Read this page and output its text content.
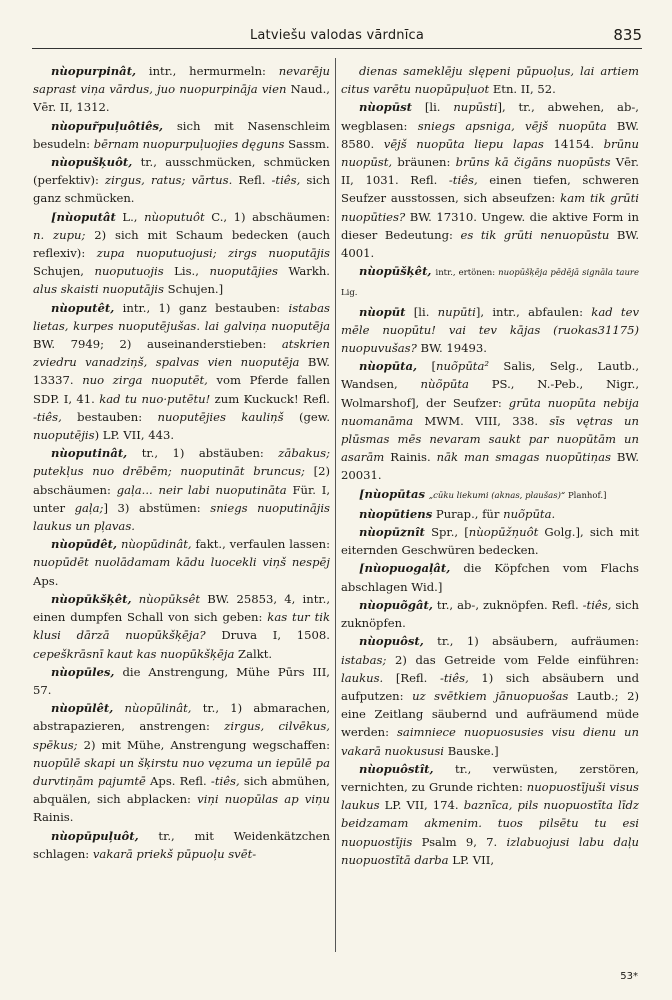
Latviešu valodas vārdnīca	835

nùopurpinât, intr., hermurmeln: nevarēju saprast viņa vārdus, juo nuopurpināja vien Naud., Vēr. II, 1312.

nùopur̃puļuôtiês, sich mit Nasenschleim besudeln: bērnam nuopurpuļuojies dęguns Sassm.

nùopušķuôt, tr., ausschmücken, schmücken (perfektiv): zirgus, ratus; vārtus. Refl. -tiês, sich ganz schmücken.

[nùoputât L., nùoputuôt C., 1) abschäumen: n. zupu; 2) sich mit Schaum bedecken (auch reflexiv): zupa nuoputuojusi; zirgs nuoputājis Schujen, nuoputuojis Lis., nuoputājies Warkh. alus skaisti nuoputājis Schujen.]

nùoputêt, intr., 1) ganz bestauben: istabas lietas, kurpes nuoputējušas. lai galviņa nuoputēja BW. 7949; 2) auseinanderstieben: atskrien zviedru vanadziņš, spalvas vien nuoputēja BW. 13337. nuo zirga nuoputēt, vom Pferde fallen SDP. I, 41. kad tu nuo·putētu! zum Kuckuck! Refl. -tiês, bestauben: nuoputējies kauliņš (gew. nuoputējis) LP. VII, 443.

nùoputinât, tr., 1) abstäuben: zābakus; putekļus nuo drēbēm; nuoputināt bruncus; [2) abschäumen: gaļa... neir labi nuoputināta Für. I, unter gaļa;] 3) abstümen: sniegs nuoputinājis laukus un pļavas.

nùopūdêt, nùopūdinât, fakt., verfaulen lassen: nuopūdēt nuolādamam kādu luocekli viņš nespēj Aps.

nùopūkšķêt, nùopūksêt BW. 25853, 4, intr., einen dumpfen Schall von sich geben: kas tur tik klusi dārzā nuopūkšķēja? Druva I, 1508. cepeškrāsnī kaut kas nuopūkšķēja Zalkt.

nùopūles, die Anstrengung, Mühe Pūrs III, 57.

nùopūlêt, nùopūlinât, tr., 1) abmarachen, abstrapazieren, anstrengen: zirgus, cilvēkus, spēkus; 2) mit Mühe, Anstrengung wegschaffen: nuopūlē skapi un šķirstu nuo vęzuma un iepūlē pa durvtiņām pajumtē Aps. Refl. -tiês, sich abmühen, abquälen, sich abplacken: viņi nuopūlas ap viņu Rainis.

nùopūpuļuôt, tr., mit Weidenkätzchen schlagen: vakarā priekš pūpuoļu svēt-

dienas sameklēju slępeni pūpuoļus, lai artiem citus varētu nuopūpuļuot Etn. II, 52.

nùopūst [li. nupūsti], tr., abwehen, ab-, wegblasen: sniegs apsniga, vējš nuopūta BW. 8580. vējš nuopūta liepu lapas 14154. brūnu nuopūst, bräunen: brūns kā čigāns nuopūsts Vēr. II, 1031. Refl. -tiês, einen tiefen, schweren Seufzer ausstossen, sich abseufzen: kam tik grūti nuopūties? BW. 17310. Ungew. die aktive Form in dieser Bedeutung: es tik grūti nenuopūstu BW. 4001.

nùopūšķêt, intr., ertönen: nuopūšķēja pēdējā signāla taure Lig.

nùopūt [li. nupūti], intr., abfaulen: kad tev mēle nuopūtu! vai tev kājas (ruokas31175) nuopuvušas? BW. 19493.

nùopūta, [nuõpūta² Salis, Selg., Lautb., Wandsen, nùõpūta PS., N.-Peb., Nigr., Wolmarshof], der Seufzer: grūta nuopūta nebija nuomanāma MWM. VIII, 338. sīs vętras un plūsmas mēs nevaram saukt par nuopūtām un asarām Rainis. nāk man smagas nuopūtiņas BW. 20031.

[nùopūtas „cūku liekumi (aknas, plaušas)“ Planhof.]

nùopūtiens Purap., für nuõpūta.

nùopūznît Spr., [nùopūžņuôt Golg.], sich mit eiternden Geschwüren bedecken.

[nùopuogaļât, die Köpfchen vom Flachs abschlagen Wid.]

nùopuõgât, tr., ab-, zuknöpfen. Refl. -tiês, sich zuknöpfen.

nùopuôst, tr., 1) absäubern, aufräumen: istabas; 2) das Getreide vom Felde einführen: laukus. [Refl. -tiês, 1) sich absäubern und aufputzen: uz svētkiem jānuopuošas Lautb.; 2) eine Zeitlang säubernd und aufräumend müde werden: saimniece nuopuosusies visu dienu un vakarā nuokususi Bauske.]

nùopuôstît, tr., verwüsten, zerstören, vernichten, zu Grunde richten: nuopuostījuši visus laukus LP. VII, 174. baznīca, pils nuopuostīta līdz beidzamam akmenim. tuos pilsētu tu esi nuopuostījis Psalm 9, 7. izlabuojusi labu daļu nuopuostītā darba LP. VII,

53*
